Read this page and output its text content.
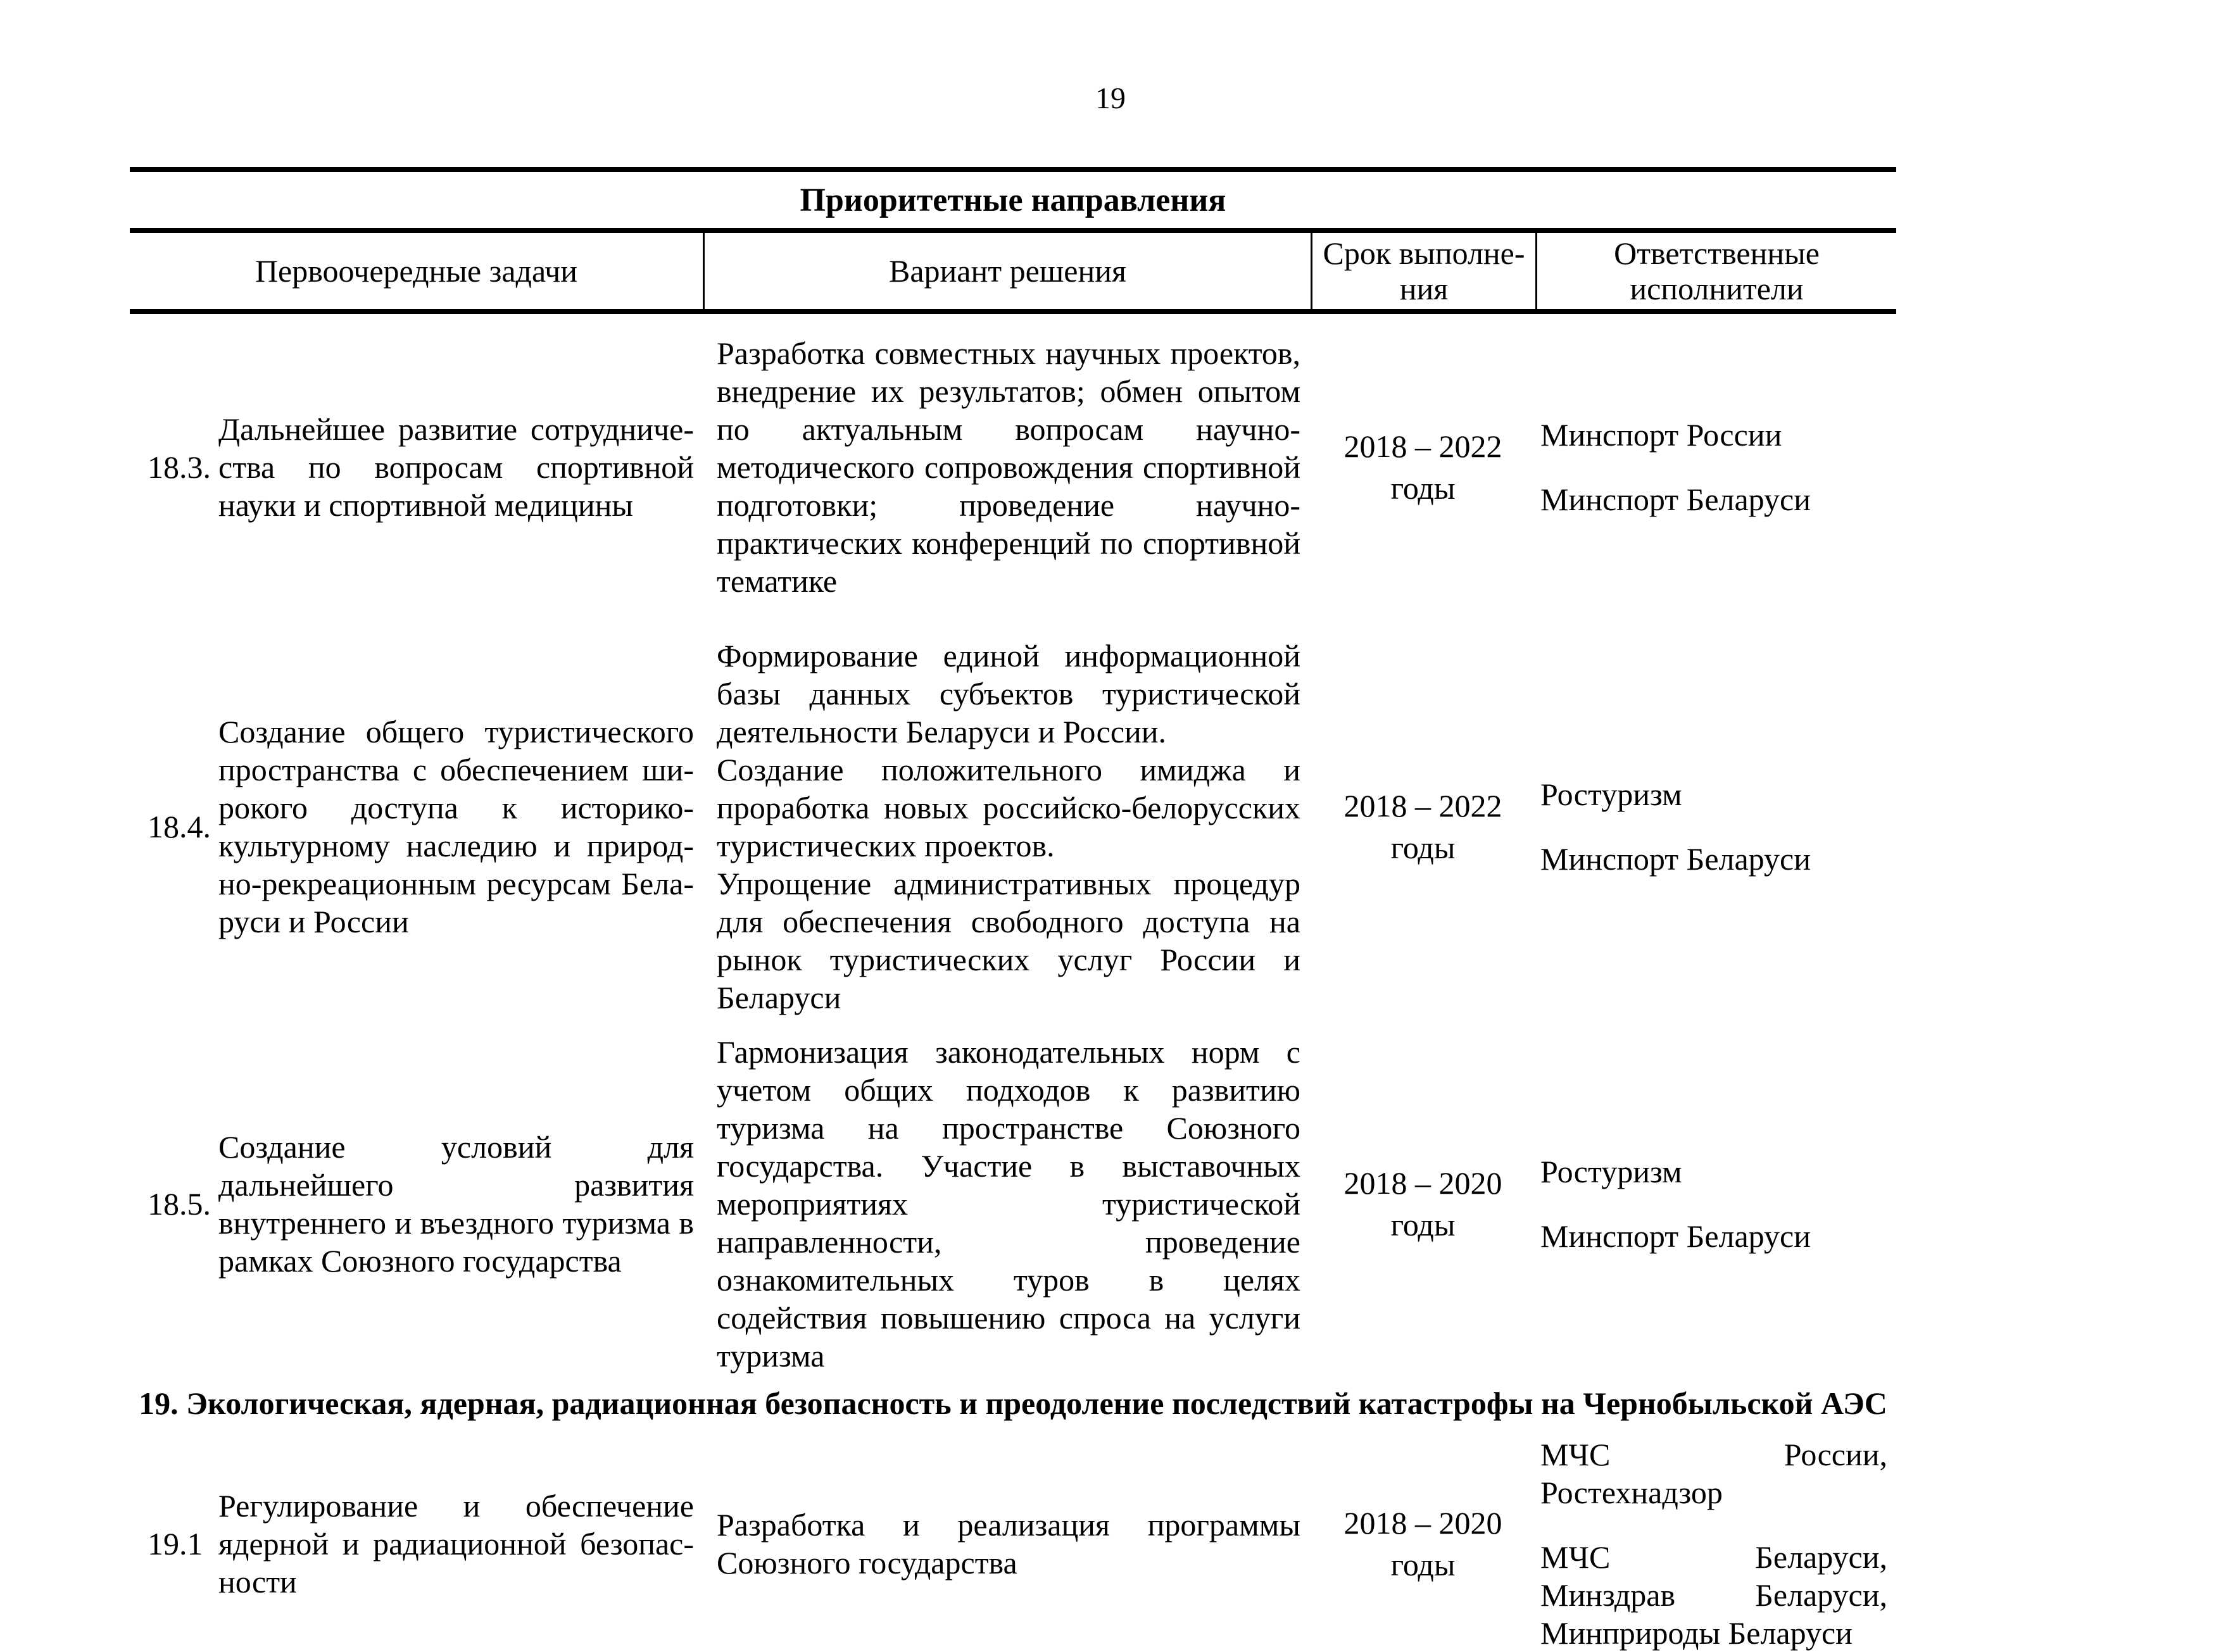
19
Приоритетные направления
Первоочередные задачи	Вариант решения	Срок выполнения
Ответственные исполнители
18.3.
Дальнейшее развитие сотрудничества по вопросам спортивной науки и спортивной медицины

Разработка совместных научных проектов, внедрение их результатов; обмен опытом по актуальным вопросам научно-методического сопровождения спортивной подготовки; проведение научно-практических конференций по спортивной тематике

2018 – 2022
годы

Минспорт России

Минспорт Беларуси

18.4.
Создание общего туристического пространства с обеспечением широкого доступа к историко-культурному наследию и природно-рекреационным ресурсам Беларуси и России

Формирование единой информационной базы данных субъектов туристической деятельности Беларуси и России.

Создание положительного имиджа и проработка новых российско-белорусских туристических проектов.

Упрощение административных процедур для обеспечения свободного доступа на рынок туристических услуг России и Беларуси

2018 – 2022
годы

Ростуризм

Минспорт Беларуси

18.5.
Создание условий для дальнейшего развития внутреннего и въездного туризма в рамках Союзного государства

Гармонизация законодательных норм с учетом общих подходов к развитию туризма на пространстве Союзного государства. Участие в выставочных мероприятиях туристической направленности, проведение ознакомительных туров в целях содействия повышению спроса на услуги туризма

2018 – 2020
годы

Ростуризм

Минспорт Беларуси

19. Экологическая, ядерная, радиационная безопасность и преодоление последствий катастрофы на Чернобыльской АЭС
19.1
Регулирование и обеспечение ядерной и радиационной безопасности

Разработка и реализация программы Союзного государства

2018 – 2020
годы

МЧС России, Ростехнадзор

МЧС Беларуси, Минздрав Беларуси, Минприроды Беларуси
